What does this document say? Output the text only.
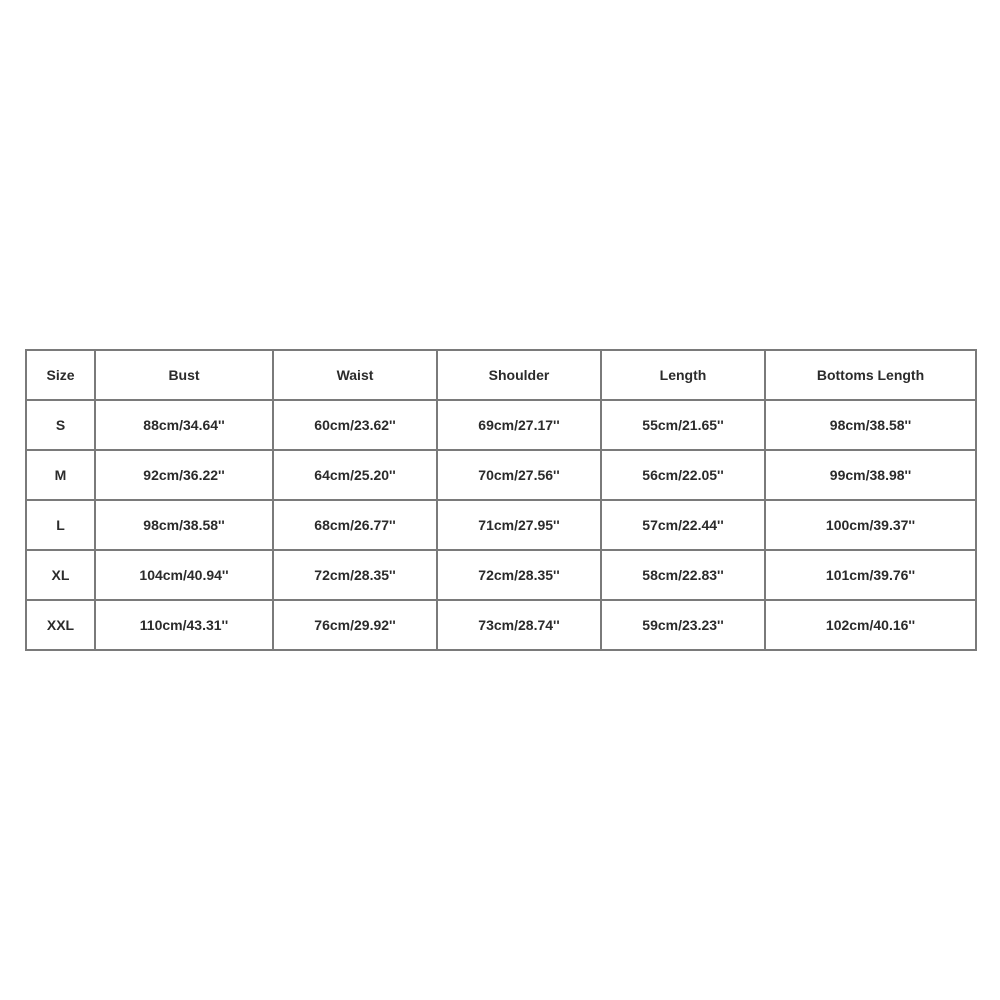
Size	Bust	Waist	Shoulder	Length	Bottoms Length
S	88cm/34.64''	60cm/23.62''	69cm/27.17''	55cm/21.65''	98cm/38.58''
M	92cm/36.22''	64cm/25.20''	70cm/27.56''	56cm/22.05''	99cm/38.98''
L	98cm/38.58''	68cm/26.77''	71cm/27.95''	57cm/22.44''	100cm/39.37''
XL	104cm/40.94''	72cm/28.35''	72cm/28.35''	58cm/22.83''	101cm/39.76''
XXL	110cm/43.31''	76cm/29.92''	73cm/28.74''	59cm/23.23''	102cm/40.16''
